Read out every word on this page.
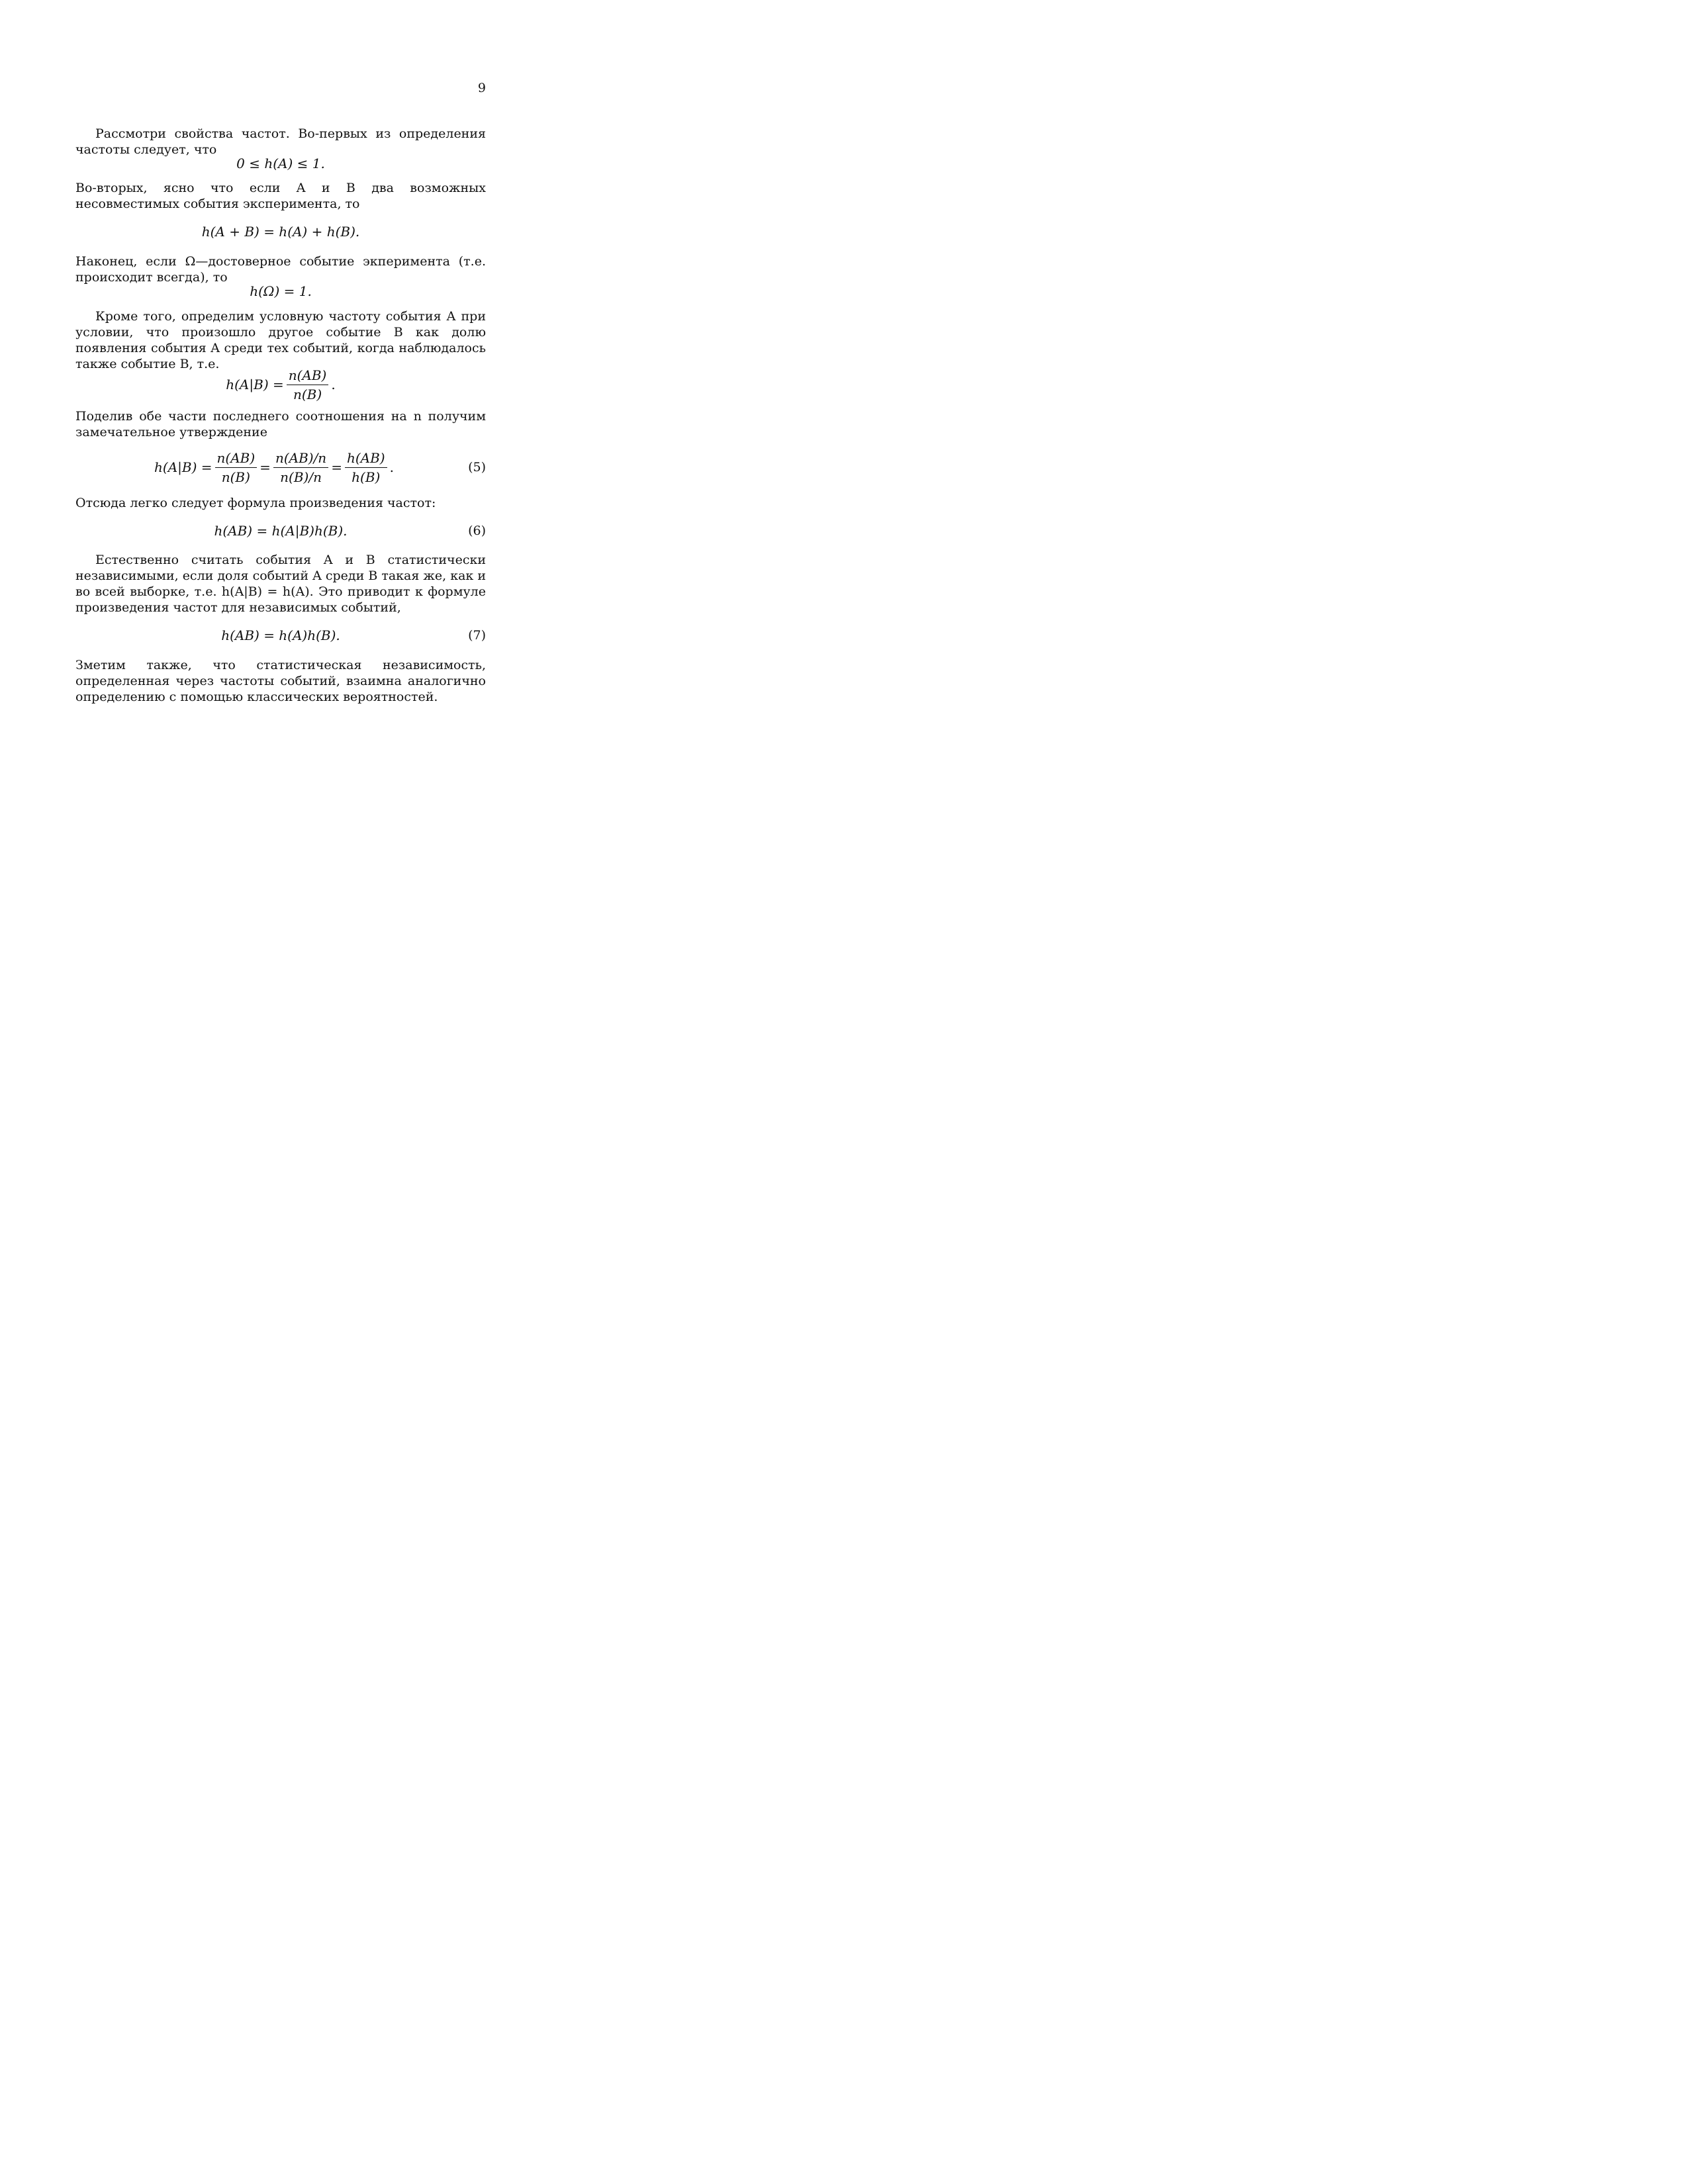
9

Рассмотри свойства частот. Во-первых из определения частоты следует, что

0 ≤ h(A) ≤ 1.

Во-вторых, ясно что если A и B два возможных несовместимых события эксперимента, то

h(A + B) = h(A) + h(B).

Наконец, если Ω—достоверное событие экперимента (т.е. происходит всегда), то

h(Ω) = 1.

Кроме того, определим условную частоту события A при условии, что произошло другое событие B как долю появления события A среди тех событий, когда наблюдалось также событие B, т.е.

$h(A|B) = \frac{n(AB)}{n(B)}$ .

Поделив обе части последнего соотношения на n получим замечательное утверждение

$h(A|B) = \frac{n(AB)}{n(B)} = \frac{n(AB)/n}{n(B)/n} = \frac{h(AB)}{h(B)}$ .	(5)

Отсюда легко следует формула произведения частот:

h(AB) = h(A|B)h(B).	(6)

Естественно считать события A и B статистически независимыми, если доля событий A среди B такая же, как и во всей выборке, т.е. h(A|B) = h(A). Это приводит к формуле произведения частот для независимых событий,

h(AB) = h(A)h(B).	(7)

Зметим также, что статистическая независимость, определенная через частоты событий, взаимна аналогично определению с помощью классических вероятностей.
